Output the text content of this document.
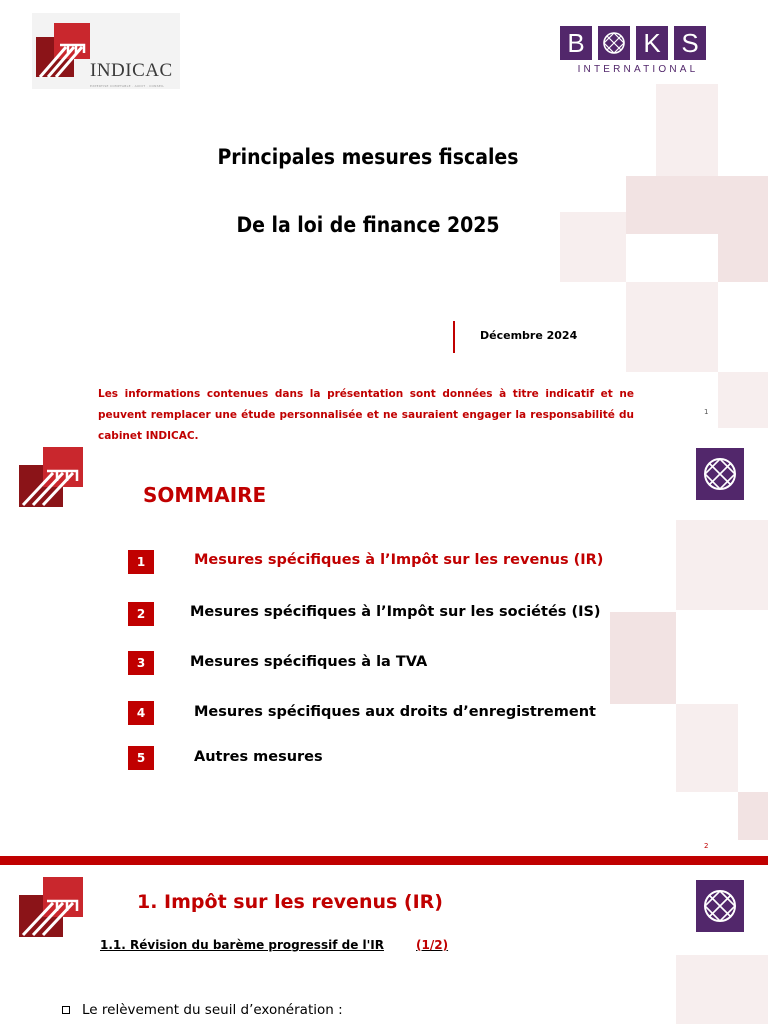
INDICAC
EXPERTISE COMPTABLE · AUDIT · CONSEIL
B K S
INTERNATIONAL
Principales mesures fiscales
De la loi de finance 2025
Décembre 2024
Les informations contenues dans la présentation sont données à titre indicatif et ne peuvent remplacer une étude personnalisée et ne sauraient engager la responsabilité du cabinet INDICAC.
1
SOMMAIRE
1	Mesures spécifiques à l’Impôt sur les revenus (IR)
2	Mesures spécifiques à l’Impôt sur les sociétés (IS)
3	Mesures spécifiques à la TVA
4	Mesures spécifiques aux droits d’enregistrement
5	Autres mesures
2
1. Impôt sur les revenus (IR)
1.1. Révision du barème progressif de l'IR	(1/2)
Le relèvement du seuil d’exonération :
